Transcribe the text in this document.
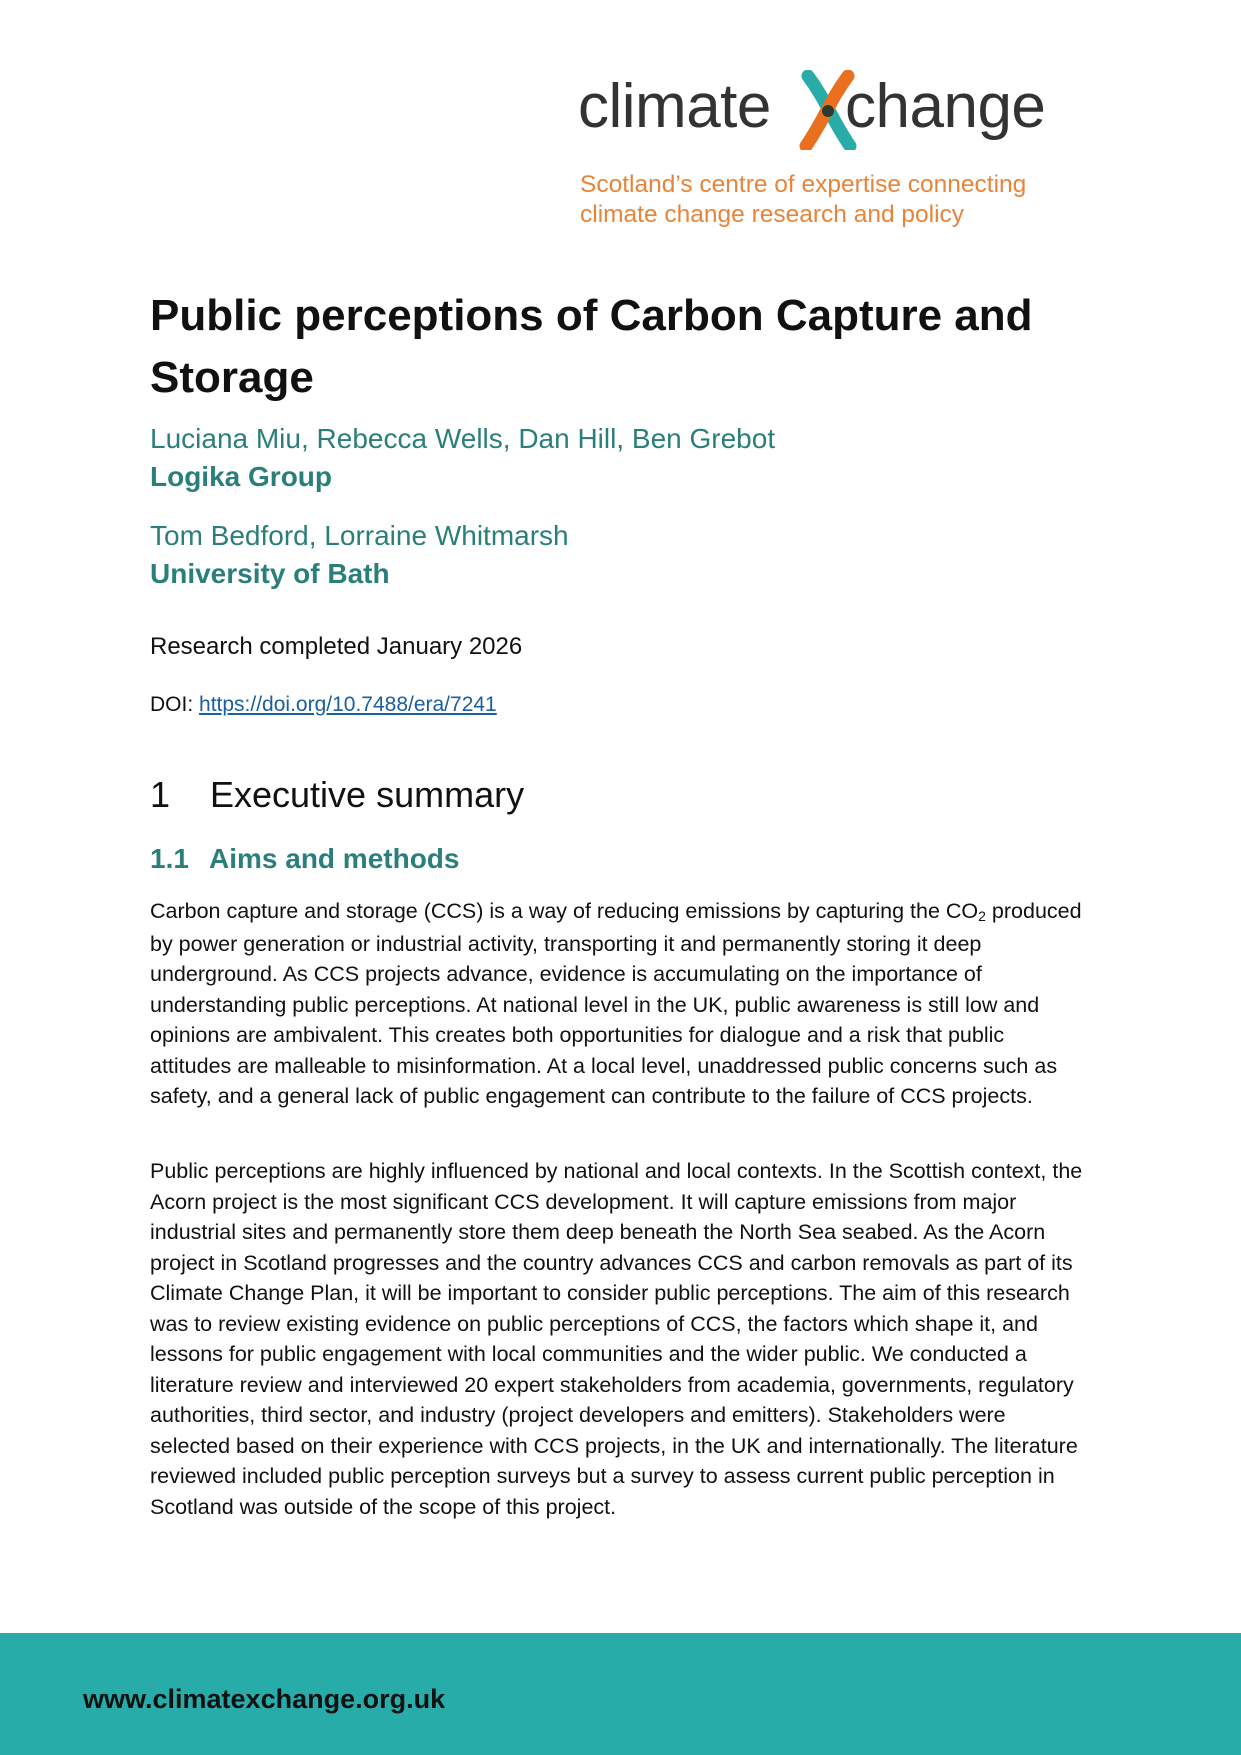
climate change
Scotland’s centre of expertise connecting
climate change research and policy
Public perceptions of Carbon Capture and Storage
Luciana Miu, Rebecca Wells, Dan Hill, Ben Grebot
Logika Group
Tom Bedford, Lorraine Whitmarsh
University of Bath
Research completed January 2026
DOI: https://doi.org/10.7488/era/7241
1 Executive summary
1.1 Aims and methods

Carbon capture and storage (CCS) is a way of reducing emissions by capturing the $CO_2$ produced by power generation or industrial activity, transporting it and permanently storing it deep underground. As CCS projects advance, evidence is accumulating on the importance of understanding public perceptions. At national level in the UK, public awareness is still low and opinions are ambivalent. This creates both opportunities for dialogue and a risk that public attitudes are malleable to misinformation. At a local level, unaddressed public concerns such as safety, and a general lack of public engagement can contribute to the failure of CCS projects.

Public perceptions are highly influenced by national and local contexts. In the Scottish context, the Acorn project is the most significant CCS development. It will capture emissions from major industrial sites and permanently store them deep beneath the North Sea seabed. As the Acorn project in Scotland progresses and the country advances CCS and carbon removals as part of its Climate Change Plan, it will be important to consider public perceptions. The aim of this research was to review existing evidence on public perceptions of CCS, the factors which shape it, and lessons for public engagement with local communities and the wider public. We conducted a literature review and interviewed 20 expert stakeholders from academia, governments, regulatory authorities, third sector, and industry (project developers and emitters). Stakeholders were selected based on their experience with CCS projects, in the UK and internationally. The literature reviewed included public perception surveys but a survey to assess current public perception in Scotland was outside of the scope of this project.

www.climatexchange.org.uk
